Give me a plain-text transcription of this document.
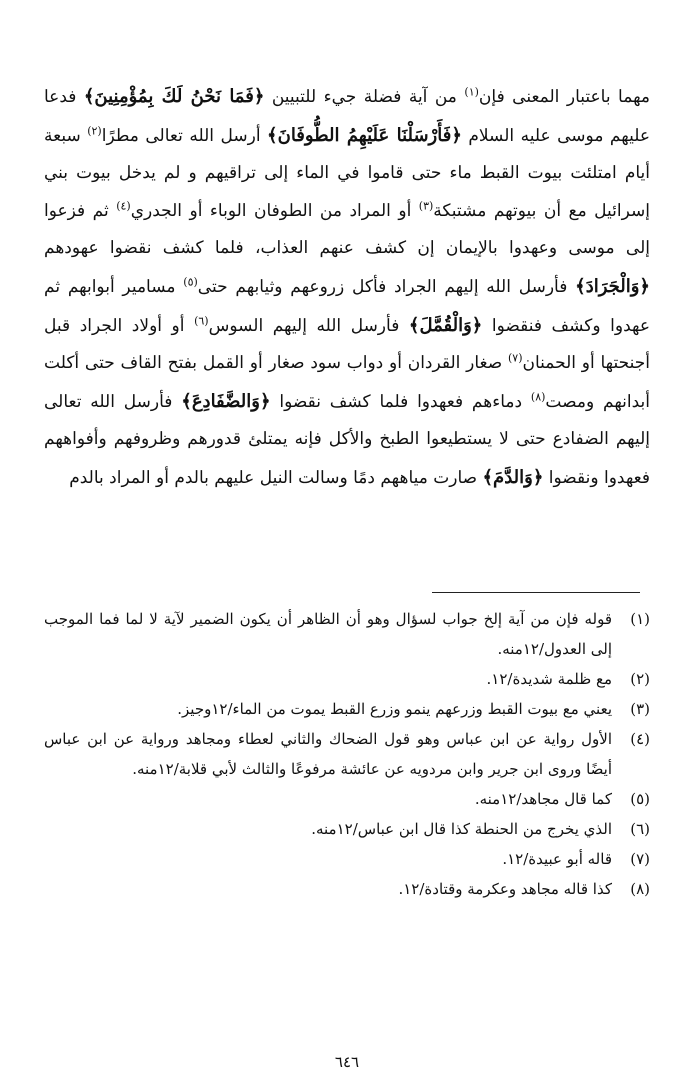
مهما باعتبار المعنى فإن$^{(١)}$ من آية فضلة جيء للتبيين ﴿فَمَا نَحْنُ لَكَ بِمُؤْمِنِينَ﴾ فدعا عليهم موسى عليه السلام ﴿فَأَرْسَلْنَا عَلَيْهِمُ الطُّوفَانَ﴾ أرسل الله تعالى مطرًا$^{(٢)}$ سبعة أيام امتلئت بيوت القبط ماء حتى قاموا في الماء إلى تراقيهم و لم يدخل بيوت بني إسرائيل مع أن بيوتهم مشتبكة$^{(٣)}$ أو المراد من الطوفان الوباء أو الجدري$^{(٤)}$ ثم فزعوا إلى موسى وعهدوا بالإيمان إن كشف عنهم العذاب، فلما كشف نقضوا عهودهم ﴿وَالْجَرَادَ﴾ فأرسل الله إليهم الجراد فأكل زروعهم وثيابهم حتى$^{(٥)}$ مسامير أبوابهم ثم عهدوا وكشف فنقضوا ﴿وَالْقُمَّلَ﴾ فأرسل الله إليهم السوس$^{(٦)}$ أو أولاد الجراد قبل أجنحتها أو الحمنان$^{(٧)}$ صغار القردان أو دواب سود صغار أو القمل بفتح القاف حتى أكلت أبدانهم ومصت$^{(٨)}$ دماءهم فعهدوا فلما كشف نقضوا ﴿وَالضَّفَادِعَ﴾ فأرسل الله تعالى إليهم الضفادع حتى لا يستطيعوا الطبخ والأكل فإنه يمتلئ قدورهم وظروفهم وأفواههم فعهدوا ونقضوا ﴿وَالدَّمَ﴾ صارت مياههم دمًا وسالت النيل عليهم بالدم أو المراد بالدم

(١)
قوله فإن من آية إلخ جواب لسؤال وهو أن الظاهر أن يكون الضمير لآية لا لما فما الموجب إلى العدول/١٢منه.
(٢)
مع ظلمة شديدة/١٢.
(٣)
يعني مع بيوت القبط وزرعهم ينمو وزرع القبط يموت من الماء/١٢وجيز.
(٤)
الأول رواية عن ابن عباس وهو قول الضحاك والثاني لعطاء ومجاهد ورواية عن ابن عباس أيضًا وروى ابن جرير وابن مردويه عن عائشة مرفوعًا والثالث لأبي قلابة/١٢منه.
(٥)
كما قال مجاهد/١٢منه.
(٦)
الذي يخرج من الحنطة كذا قال ابن عباس/١٢منه.
(٧)
قاله أبو عبيدة/١٢.
(٨)
كذا قاله مجاهد وعكرمة وقتادة/١٢.
٦٤٦
